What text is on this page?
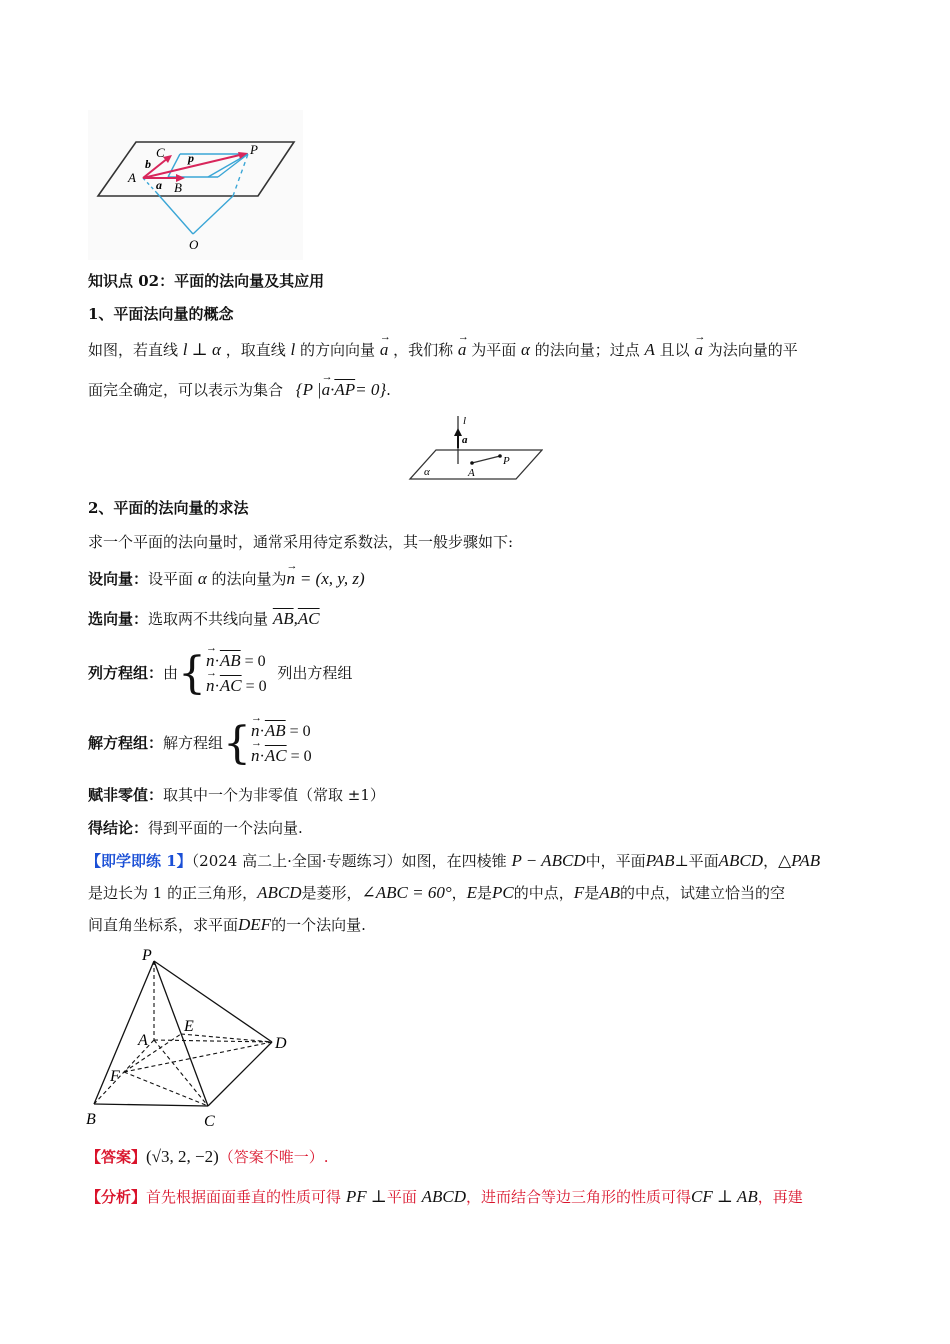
C	P
b	p
A a B
O
知识点 02：平面的法向量及其应用
1、平面法向量的概念
如图，若直线 l ⊥ α ，取直线 l 的方向向量 → a ，我们称 → a 为平面 α 的法向量；过点 A 且以 → a 为法向量的平
面完全确定，可以表示为集合 {P |→ $a\cdot\overline{AP}= 0$}.
l
a
α	A
P
2、平面的法向量的求法
求一个平面的法向量时，通常采用待定系数法，其一般步骤如下:
设向量：设平面 α 的法向量为→ n = (x, y, z)
选向量：选取两不共线向量 $\overline{AB},\overline{AC}$
列方程组：由{→ $n\cdot\overline{AB} = 0$
→ $n\cdot\overline{AC} = 0$ 列出方程组
解方程组：解方程组{→ $n\cdot\overline{AB} = 0$
→ $n\cdot\overline{AC} = 0$
赋非零值：取其中一个为非零值（常取 ±1）
得结论：得到平面的一个法向量.
【即学即练 1】（2024 高二上·全国·专题练习）如图，在四棱锥 P − ABCD中，平面PAB⊥平面ABCD，△PAB
是边长为 1 的正三角形，ABCD是菱形，∠ABC = 60°，E是PC的中点，F是AB的中点，试建立恰当的空
间直角坐标系，求平面DEF的一个法向量.
P
A
E
D
F
B	C
【答案】(√3, 2, −2)（答案不唯一）.
【分析】首先根据面面垂直的性质可得 PF ⊥平面 ABCD，进而结合等边三角形的性质可得CF ⊥ AB，再建
